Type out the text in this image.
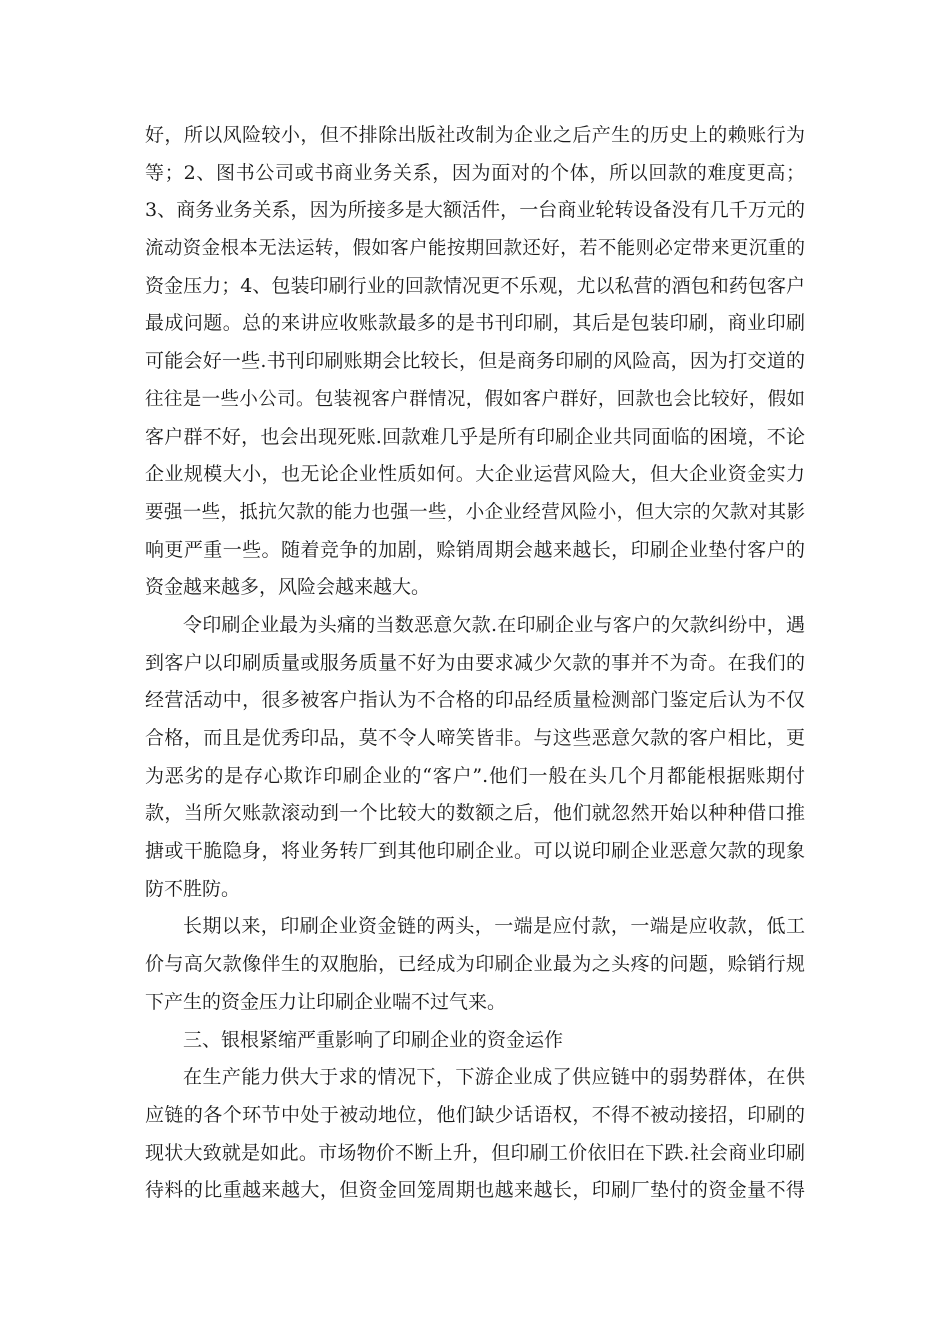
好，所以风险较小，但不排除出版社改制为企业之后产生的历史上的赖账行为
等；2、图书公司或书商业务关系，因为面对的个体，所以回款的难度更高；
3、商务业务关系，因为所接多是大额活件，一台商业轮转设备没有几千万元的
流动资金根本无法运转，假如客户能按期回款还好，若不能则必定带来更沉重的
资金压力；4、包装印刷行业的回款情况更不乐观，尤以私营的酒包和药包客户
最成问题。总的来讲应收账款最多的是书刊印刷，其后是包装印刷，商业印刷
可能会好一些.书刊印刷账期会比较长，但是商务印刷的风险高，因为打交道的
往往是一些小公司。包装视客户群情况，假如客户群好，回款也会比较好，假如
客户群不好，也会出现死账.回款难几乎是所有印刷企业共同面临的困境，不论
企业规模大小，也无论企业性质如何。大企业运营风险大，但大企业资金实力
要强一些，抵抗欠款的能力也强一些，小企业经营风险小，但大宗的欠款对其影
响更严重一些。随着竞争的加剧，赊销周期会越来越长，印刷企业垫付客户的
资金越来越多，风险会越来越大。
令印刷企业最为头痛的当数恶意欠款.在印刷企业与客户的欠款纠纷中，遇
到客户以印刷质量或服务质量不好为由要求减少欠款的事并不为奇。在我们的
经营活动中，很多被客户指认为不合格的印品经质量检测部门鉴定后认为不仅
合格，而且是优秀印品，莫不令人啼笑皆非。与这些恶意欠款的客户相比，更
为恶劣的是存心欺诈印刷企业的“客户”.他们一般在头几个月都能根据账期付
款，当所欠账款滚动到一个比较大的数额之后，他们就忽然开始以种种借口推
搪或干脆隐身，将业务转厂到其他印刷企业。可以说印刷企业恶意欠款的现象
防不胜防。
长期以来，印刷企业资金链的两头，一端是应付款，一端是应收款，低工
价与高欠款像伴生的双胞胎，已经成为印刷企业最为之头疼的问题，赊销行规
下产生的资金压力让印刷企业喘不过气来。
三、银根紧缩严重影响了印刷企业的资金运作
在生产能力供大于求的情况下，下游企业成了供应链中的弱势群体，在供
应链的各个环节中处于被动地位，他们缺少话语权，不得不被动接招，印刷的
现状大致就是如此。市场物价不断上升，但印刷工价依旧在下跌.社会商业印刷
待料的比重越来越大，但资金回笼周期也越来越长，印刷厂垫付的资金量不得
